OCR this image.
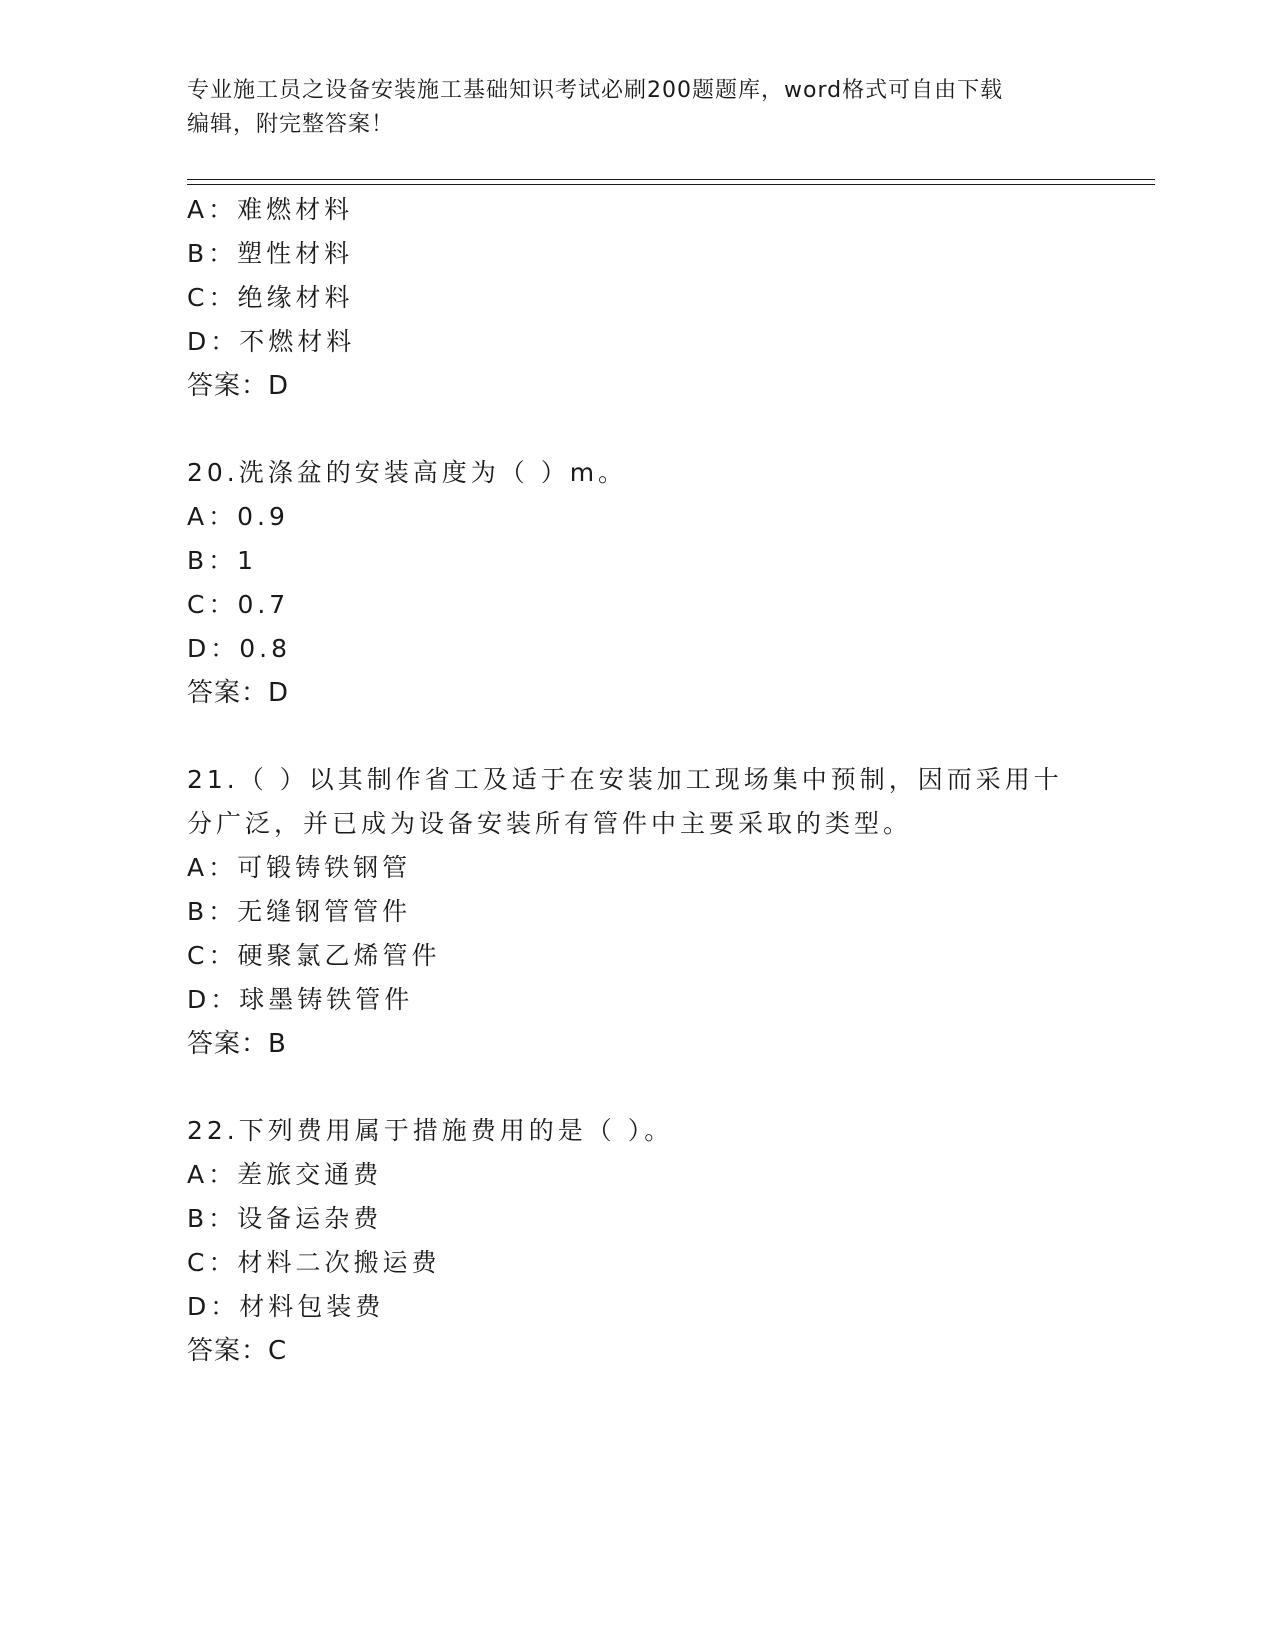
专业施工员之设备安装施工基础知识考试必刷200题题库，word格式可自由下载
编辑，附完整答案！
A：难燃材料
B：塑性材料
C：绝缘材料
D：不燃材料
答案：D
20.洗涤盆的安装高度为（ ）m。
A：0.9
B：1
C：0.7
D：0.8
答案：D
21.（ ）以其制作省工及适于在安装加工现场集中预制，因而采用十
分广泛，并已成为设备安装所有管件中主要采取的类型。
A：可锻铸铁钢管
B：无缝钢管管件
C：硬聚氯乙烯管件
D：球墨铸铁管件
答案：B
22.下列费用属于措施费用的是（ ）。
A：差旅交通费
B：设备运杂费
C：材料二次搬运费
D：材料包装费
答案：C
